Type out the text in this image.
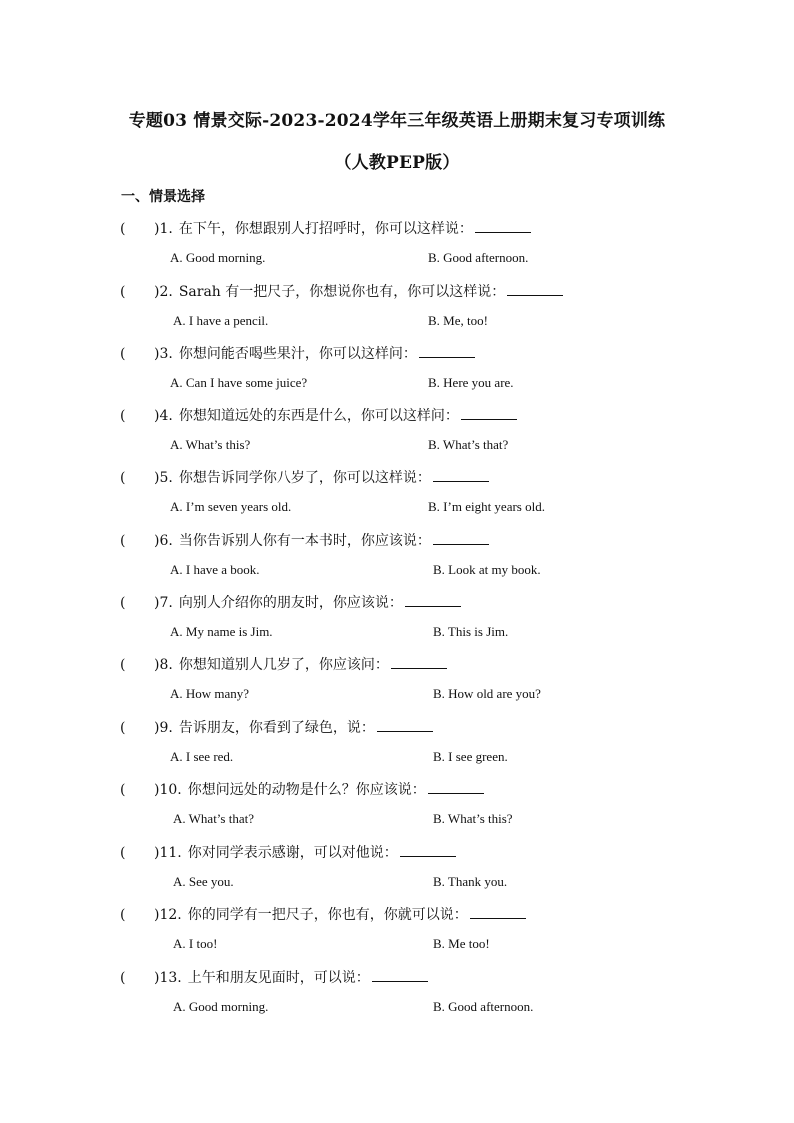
专题03 情景交际-2023-2024学年三年级英语上册期末复习专项训练
（人教PEP版）
一、情景选择
( )1. 在下午，你想跟别人打招呼时，你可以这样说：
A. Good morning.	B. Good afternoon.
( )2. Sarah 有一把尺子，你想说你也有，你可以这样说：
A. I have a pencil.	B. Me, too!
( )3. 你想问能否喝些果汁，你可以这样问：
A. Can I have some juice?	B. Here you are.
( )4. 你想知道远处的东西是什么，你可以这样问：
A. What’s this?	B. What’s that?
( )5. 你想告诉同学你八岁了，你可以这样说：
A. I’m seven years old.	B. I’m eight years old.
( )6. 当你告诉别人你有一本书时，你应该说：
A. I have a book.	B. Look at my book.
( )7. 向别人介绍你的朋友时，你应该说：
A. My name is Jim.	B. This is Jim.
( )8. 你想知道别人几岁了，你应该问：
A. How many?	B. How old are you?
( )9. 告诉朋友，你看到了绿色，说：
A. I see red.	B. I see green.
( )10. 你想问远处的动物是什么？你应该说：
A. What’s that?	B. What’s this?
( )11. 你对同学表示感谢，可以对他说：
A. See you.	B. Thank you.
( )12. 你的同学有一把尺子，你也有，你就可以说：
A. I too!	B. Me too!
( )13. 上午和朋友见面时，可以说：
A. Good morning.	B. Good afternoon.
